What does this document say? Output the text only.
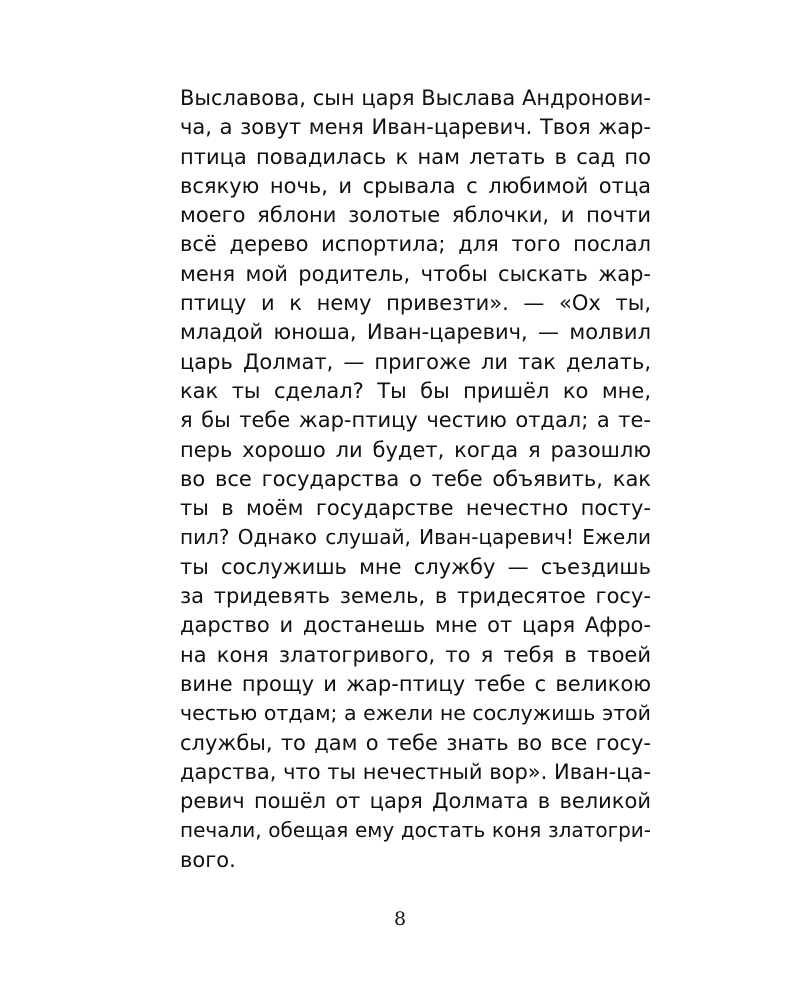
Выславова, сын царя Выслава Андронови-
ча, а зовут меня Иван-царевич. Твоя жар-
птица повадилась к нам летать в сад по
всякую ночь, и срывала с любимой отца
моего яблони золотые яблочки, и почти
всё дерево испортила; для того послал
меня мой родитель, чтобы сыскать жар-
птицу и к нему привезти». — «Ох ты,
младой юноша, Иван-царевич, — молвил
царь Долмат, — пригоже ли так делать,
как ты сделал? Ты бы пришёл ко мне,
я бы тебе жар-птицу честию отдал; а те-
перь хорошо ли будет, когда я разошлю
во все государства о тебе объявить, как
ты в моём государстве нечестно посту-
пил? Однако слушай, Иван-царевич! Ежели
ты сослужишь мне службу — съездишь
за тридевять земель, в тридесятое госу-
дарство и достанешь мне от царя Афро-
на коня златогривого, то я тебя в твоей
вине прощу и жар-птицу тебе с великою
честью отдам; а ежели не сослужишь этой
службы, то дам о тебе знать во все госу-
дарства, что ты нечестный вор». Иван-ца-
ревич пошёл от царя Долмата в великой
печали, обещая ему достать коня златогри-
вого.
8
